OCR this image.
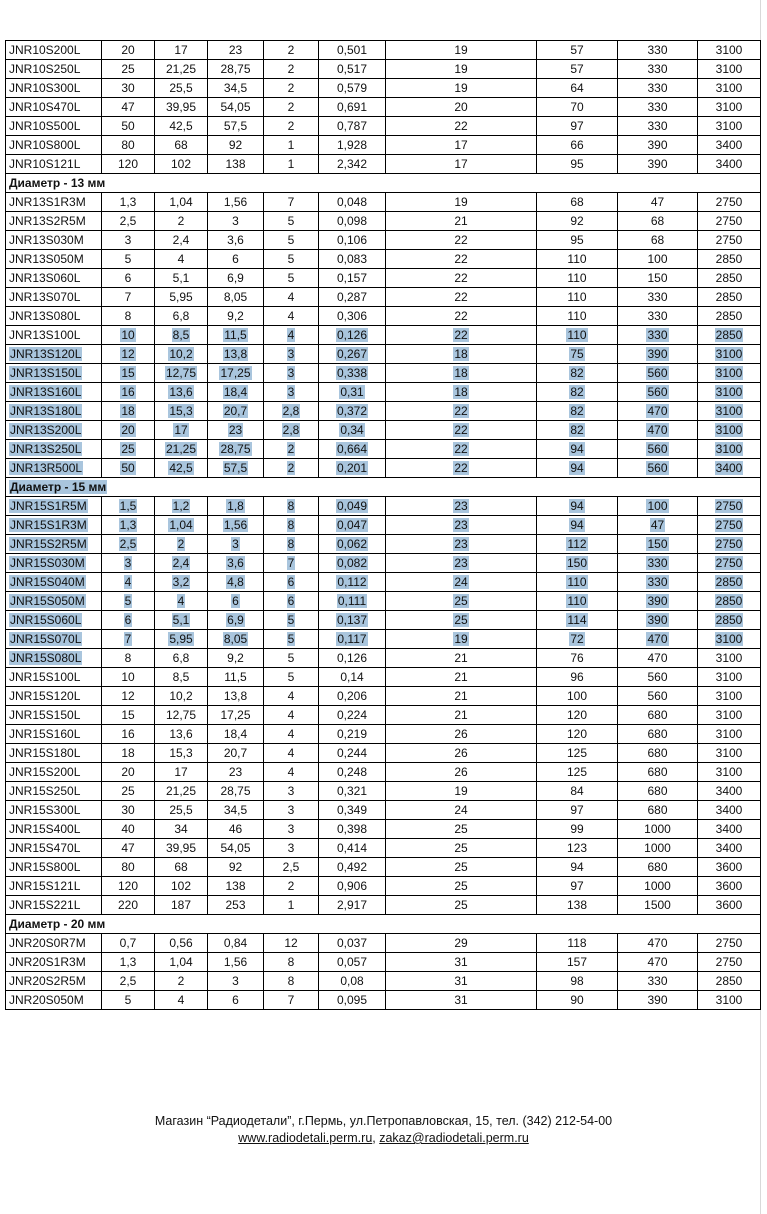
JNR10S200L	20	17	23	2	0,501	19	57	330	3100
JNR10S250L	25	21,25	28,75	2	0,517	19	57	330	3100
JNR10S300L	30	25,5	34,5	2	0,579	19	64	330	3100
JNR10S470L	47	39,95	54,05	2	0,691	20	70	330	3100
JNR10S500L	50	42,5	57,5	2	0,787	22	97	330	3100
JNR10S800L	80	68	92	1	1,928	17	66	390	3400
JNR10S121L	120	102	138	1	2,342	17	95	390	3400
Диаметр - 13 мм									
JNR13S1R3M	1,3	1,04	1,56	7	0,048	19	68	47	2750
JNR13S2R5M	2,5	2	3	5	0,098	21	92	68	2750
JNR13S030M	3	2,4	3,6	5	0,106	22	95	68	2750
JNR13S050M	5	4	6	5	0,083	22	110	100	2850
JNR13S060L	6	5,1	6,9	5	0,157	22	110	150	2850
JNR13S070L	7	5,95	8,05	4	0,287	22	110	330	2850
JNR13S080L	8	6,8	9,2	4	0,306	22	110	330	2850
JNR13S100L	10	8,5	11,5	4	0,126	22	110	330	2850
JNR13S120L	12	10,2	13,8	3	0,267	18	75	390	3100
JNR13S150L	15	12,75	17,25	3	0,338	18	82	560	3100
JNR13S160L	16	13,6	18,4	3	0,31	18	82	560	3100
JNR13S180L	18	15,3	20,7	2,8	0,372	22	82	470	3100
JNR13S200L	20	17	23	2,8	0,34	22	82	470	3100
JNR13S250L	25	21,25	28,75	2	0,664	22	94	560	3100
JNR13R500L	50	42,5	57,5	2	0,201	22	94	560	3400
Диаметр - 15 мм									
JNR15S1R5M	1,5	1,2	1,8	8	0,049	23	94	100	2750
JNR15S1R3M	1,3	1,04	1,56	8	0,047	23	94	47	2750
JNR15S2R5M	2,5	2	3	8	0,062	23	112	150	2750
JNR15S030M	3	2,4	3,6	7	0,082	23	150	330	2750
JNR15S040M	4	3,2	4,8	6	0,112	24	110	330	2850
JNR15S050M	5	4	6	6	0,111	25	110	390	2850
JNR15S060L	6	5,1	6,9	5	0,137	25	114	390	2850
JNR15S070L	7	5,95	8,05	5	0,117	19	72	470	3100
JNR15S080L	8	6,8	9,2	5	0,126	21	76	470	3100
JNR15S100L	10	8,5	11,5	5	0,14	21	96	560	3100
JNR15S120L	12	10,2	13,8	4	0,206	21	100	560	3100
JNR15S150L	15	12,75	17,25	4	0,224	21	120	680	3100
JNR15S160L	16	13,6	18,4	4	0,219	26	120	680	3100
JNR15S180L	18	15,3	20,7	4	0,244	26	125	680	3100
JNR15S200L	20	17	23	4	0,248	26	125	680	3100
JNR15S250L	25	21,25	28,75	3	0,321	19	84	680	3400
JNR15S300L	30	25,5	34,5	3	0,349	24	97	680	3400
JNR15S400L	40	34	46	3	0,398	25	99	1000	3400
JNR15S470L	47	39,95	54,05	3	0,414	25	123	1000	3400
JNR15S800L	80	68	92	2,5	0,492	25	94	680	3600
JNR15S121L	120	102	138	2	0,906	25	97	1000	3600
JNR15S221L	220	187	253	1	2,917	25	138	1500	3600
Диаметр - 20 мм									
JNR20S0R7M	0,7	0,56	0,84	12	0,037	29	118	470	2750
JNR20S1R3M	1,3	1,04	1,56	8	0,057	31	157	470	2750
JNR20S2R5M	2,5	2	3	8	0,08	31	98	330	2850
JNR20S050M	5	4	6	7	0,095	31	90	390	3100
Магазин “Радиодетали”, г.Пермь, ул.Петропавловская, 15, тел. (342) 212-54-00
www.radiodetali.perm.ru, zakaz@radiodetali.perm.ru
